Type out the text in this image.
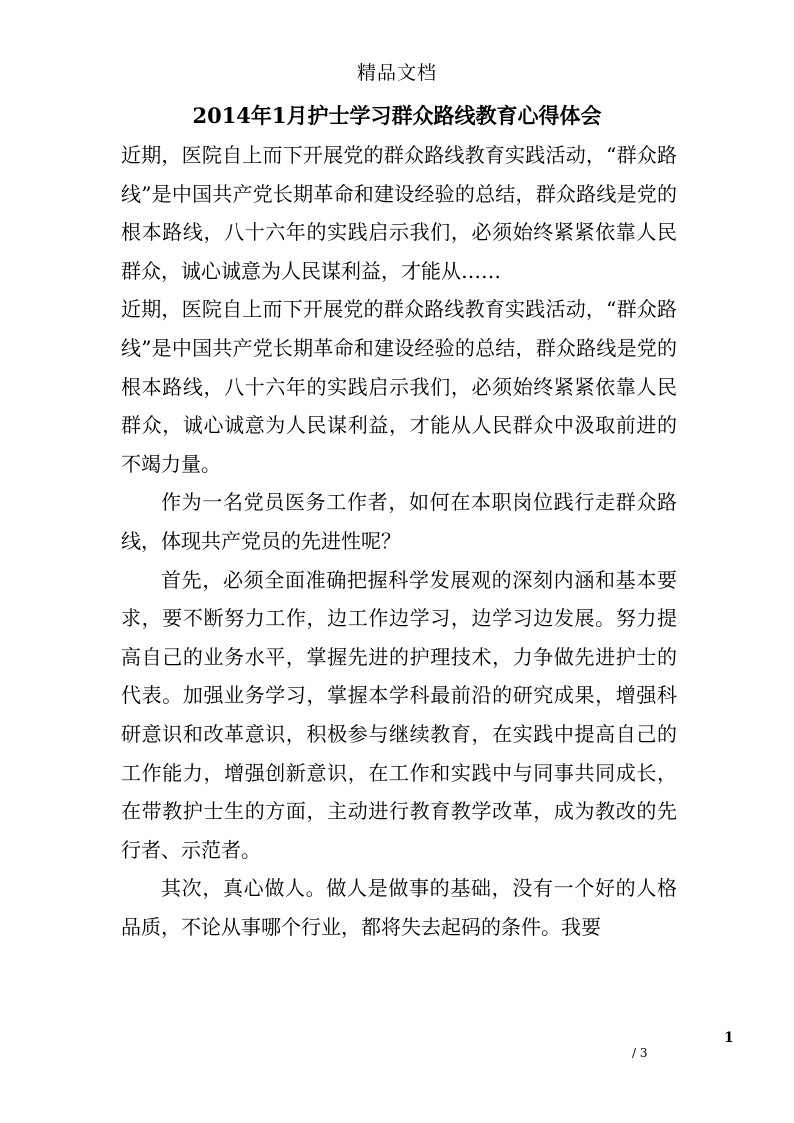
精品文档
2014年1月护士学习群众路线教育心得体会

近期，医院自上而下开展党的群众路线教育实践活动，“群众路线”是中国共产党长期革命和建设经验的总结，群众路线是党的根本路线，八十六年的实践启示我们，必须始终紧紧依靠人民群众，诚心诚意为人民谋利益，才能从……

近期，医院自上而下开展党的群众路线教育实践活动，“群众路线”是中国共产党长期革命和建设经验的总结，群众路线是党的根本路线，八十六年的实践启示我们，必须始终紧紧依靠人民群众，诚心诚意为人民谋利益，才能从人民群众中汲取前进的不竭力量。

作为一名党员医务工作者，如何在本职岗位践行走群众路线，体现共产党员的先进性呢？

首先，必须全面准确把握科学发展观的深刻内涵和基本要求，要不断努力工作，边工作边学习，边学习边发展。努力提高自己的业务水平，掌握先进的护理技术，力争做先进护士的代表。加强业务学习，掌握本学科最前沿的研究成果，增强科研意识和改革意识，积极参与继续教育，在实践中提高自己的工作能力，增强创新意识，在工作和实践中与同事共同成长，在带教护士生的方面，主动进行教育教学改革，成为教改的先行者、示范者。

其次，真心做人。做人是做事的基础，没有一个好的人格品质，不论从事哪个行业，都将失去起码的条件。我要

1
/ 3
